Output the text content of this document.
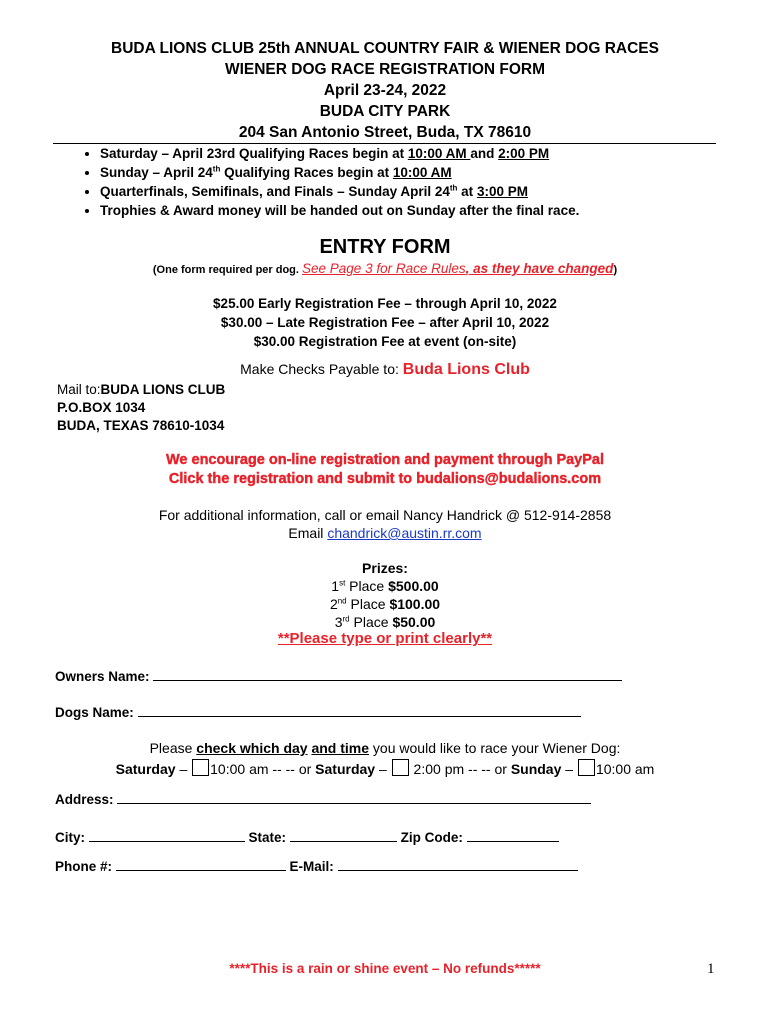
BUDA LIONS CLUB 25th ANNUAL COUNTRY FAIR & WIENER DOG RACES
WIENER DOG RACE REGISTRATION FORM
April 23-24, 2022
BUDA CITY PARK
204 San Antonio Street, Buda, TX 78610
• Saturday – April 23rd Qualifying Races begin at 10:00 AM and 2:00 PM
• Sunday – April 24th Qualifying Races begin at 10:00 AM
• Quarterfinals, Semifinals, and Finals – Sunday April 24th at 3:00 PM
• Trophies & Award money will be handed out on Sunday after the final race.
ENTRY FORM
(One form required per dog. See Page 3 for Race Rules, as they have changed)
$25.00 Early Registration Fee – through April 10, 2022
$30.00 – Late Registration Fee – after April 10, 2022
$30.00 Registration Fee at event (on-site)
Make Checks Payable to: Buda Lions Club
Mail to:BUDA LIONS CLUB
P.O.BOX 1034
BUDA, TEXAS 78610-1034
We encourage on-line registration and payment through PayPal
Click the registration and submit to budalions@budalions.com
For additional information, call or email Nancy Handrick @ 512-914-2858
Email chandrick@austin.rr.com
Prizes:
1st Place $500.00
2nd Place $100.00
3rd Place $50.00
**Please type or print clearly**
Owners Name:
Dogs Name:
Please check which day and time you would like to race your Wiener Dog:
Saturday – 10:00 am -- -- or Saturday –  2:00 pm -- -- or Sunday – 10:00 am
Address:
City:	State:	Zip Code:
Phone #:	E-Mail:
****This is a rain or shine event – No refunds*****	1
